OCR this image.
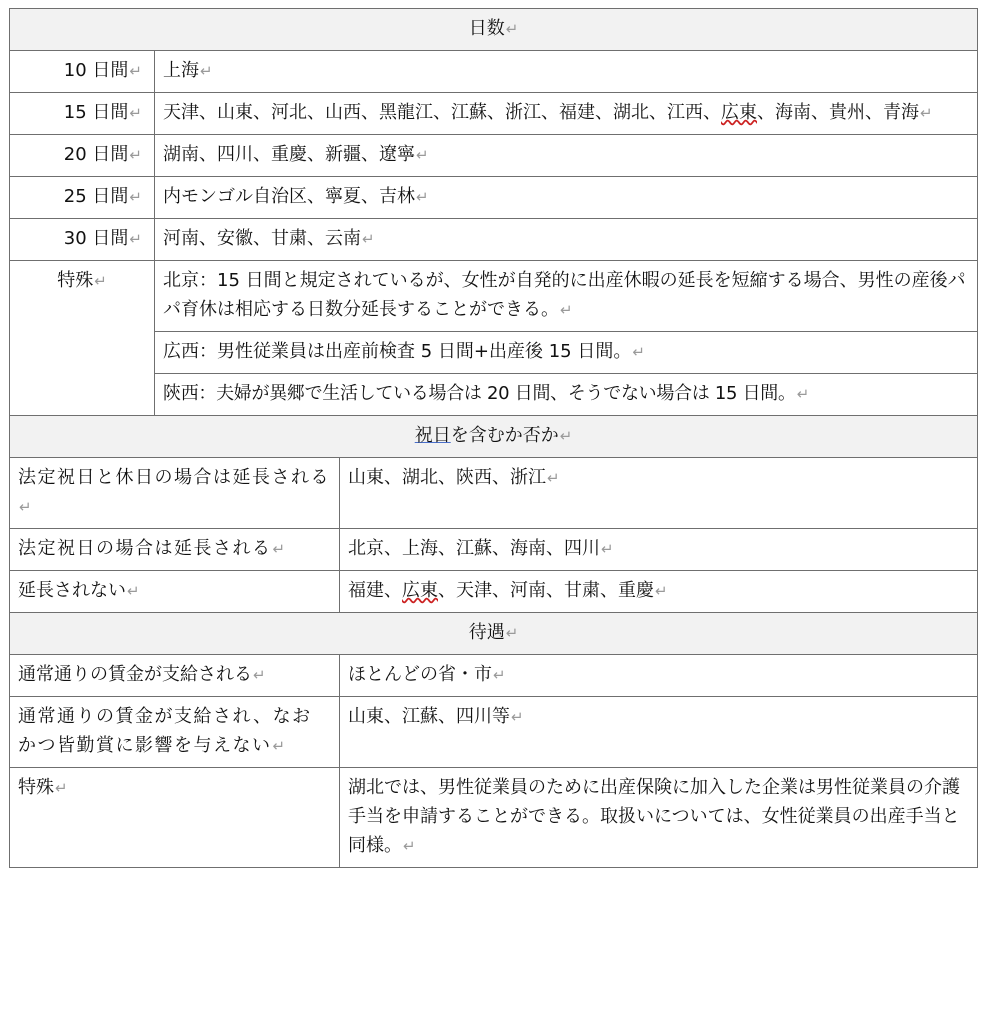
日数↵	
10 日間↵	上海↵
15 日間↵	天津、山東、河北、山西、黑龍江、江蘇、浙江、福建、湖北、江西、広東、海南、貴州、青海↵
20 日間↵	湖南、四川、重慶、新疆、遼寧↵
25 日間↵	内モンゴル自治区、寧夏、吉林↵
30 日間↵	河南、安徽、甘粛、云南↵
特殊↵	北京：15 日間と規定されているが、女性が自発的に出産休暇の延長を短縮する場合、男性の産後パパ育休は相応する日数分延長することができる。↵
	広西：男性従業員は出産前検査 5 日間+出産後 15 日間。↵
	陝西：夫婦が異郷で生活している場合は 20 日間、そうでない場合は 15 日間。↵
祝日を含むか否か↵	
法定祝日と休日の場合は延長される↵	山東、湖北、陝西、浙江↵
法定祝日の場合は延長される↵	北京、上海、江蘇、海南、四川↵
延長されない↵	福建、広東、天津、河南、甘粛、重慶↵
待遇↵	
通常通りの賃金が支給される↵	ほとんどの省・市↵
通常通りの賃金が支給され、なおかつ皆勤賞に影響を与えない↵	山東、江蘇、四川等↵
特殊↵	湖北では、男性従業員のために出産保険に加入した企業は男性従業員の介護手当を申請することができる。取扱いについては、女性従業員の出産手当と同様。↵
